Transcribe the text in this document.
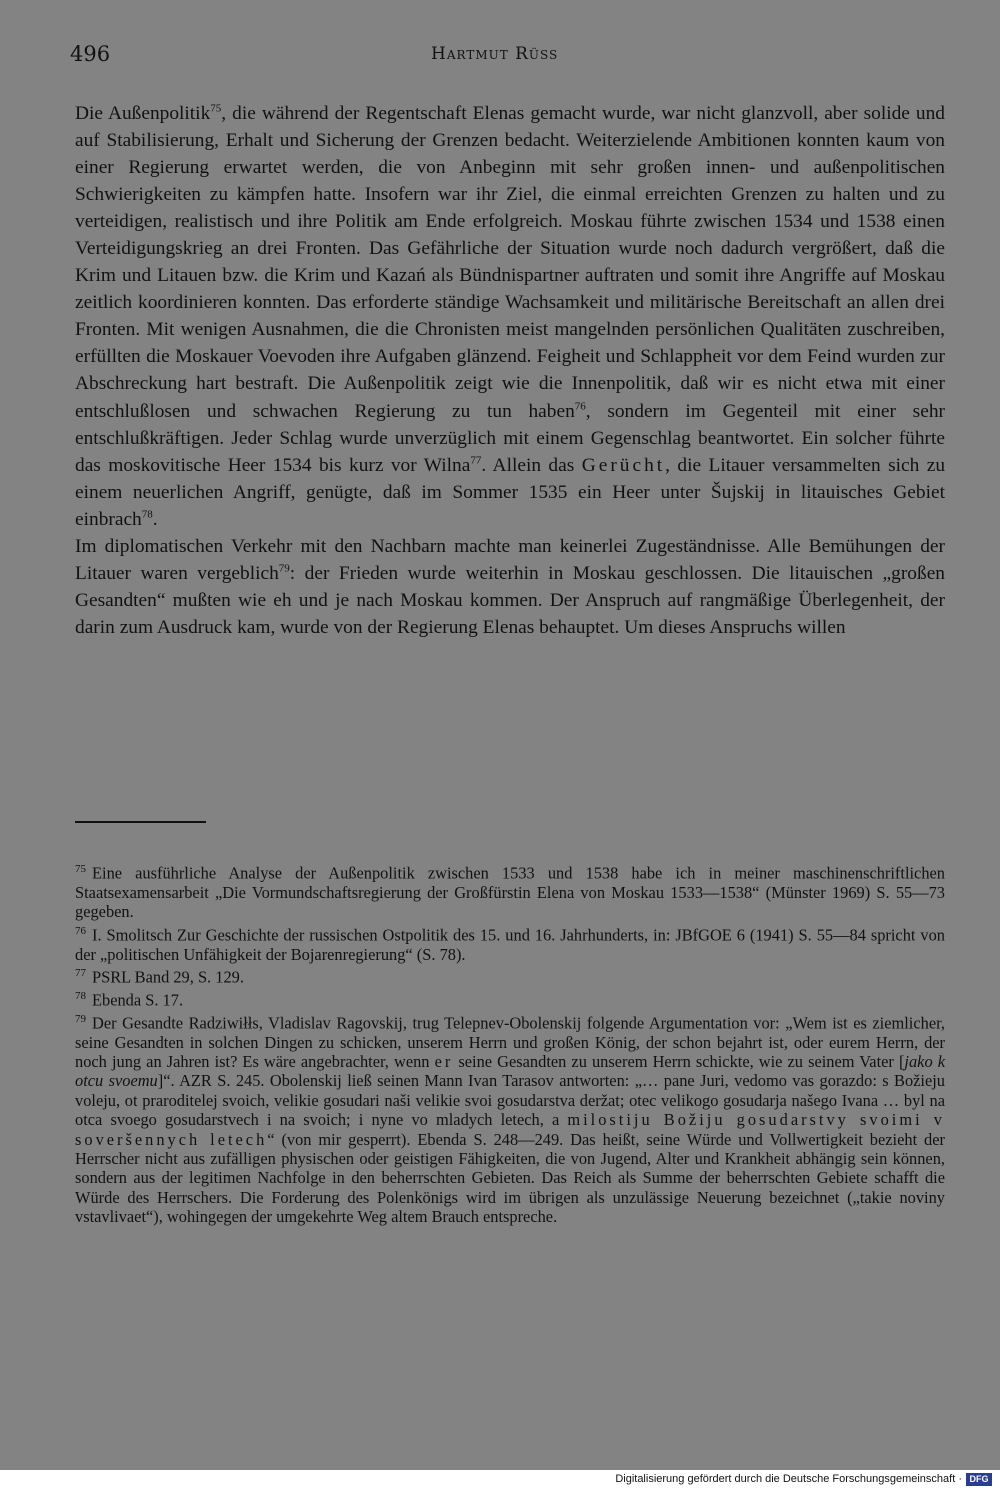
496	Hartmut Rüss

Die Außenpolitik$^{75}$, die während der Regentschaft Elenas gemacht wurde, war nicht glanzvoll, aber solide und auf Stabilisierung, Erhalt und Sicherung der Grenzen bedacht. Weiterzielende Ambitionen konnten kaum von einer Regierung erwartet werden, die von Anbeginn mit sehr großen innen- und außenpolitischen Schwierigkeiten zu kämpfen hatte. Insofern war ihr Ziel, die einmal erreichten Grenzen zu halten und zu verteidigen, realistisch und ihre Politik am Ende erfolgreich. Moskau führte zwischen 1534 und 1538 einen Verteidigungskrieg an drei Fronten. Das Gefährliche der Situation wurde noch dadurch vergrößert, daß die Krim und Litauen bzw. die Krim und Kazań als Bündnispartner auftraten und somit ihre Angriffe auf Moskau zeitlich koordinieren konnten. Das erforderte ständige Wachsamkeit und militärische Bereitschaft an allen drei Fronten. Mit wenigen Ausnahmen, die die Chronisten meist mangelnden persönlichen Qualitäten zuschreiben, erfüllten die Moskauer Voevoden ihre Aufgaben glänzend. Feigheit und Schlappheit vor dem Feind wurden zur Abschreckung hart bestraft. Die Außenpolitik zeigt wie die Innenpolitik, daß wir es nicht etwa mit einer entschlußlosen und schwachen Regierung zu tun haben$^{76}$, sondern im Gegenteil mit einer sehr entschlußkräftigen. Jeder Schlag wurde unverzüglich mit einem Gegenschlag beantwortet. Ein solcher führte das moskovitische Heer 1534 bis kurz vor Wilna$^{77}$. Allein das Gerücht, die Litauer versammelten sich zu einem neuerlichen Angriff, genügte, daß im Sommer 1535 ein Heer unter Šujskij in litauisches Gebiet einbrach$^{78}$.

Im diplomatischen Verkehr mit den Nachbarn machte man keinerlei Zugeständnisse. Alle Bemühungen der Litauer waren vergeblich$^{79}$: der Frieden wurde weiterhin in Moskau geschlossen. Die litauischen „großen Gesandten“ mußten wie eh und je nach Moskau kommen. Der Anspruch auf rangmäßige Überlegenheit, der darin zum Ausdruck kam, wurde von der Regierung Elenas behauptet. Um dieses Anspruchs willen

$^{75}$ Eine ausführliche Analyse der Außenpolitik zwischen 1533 und 1538 habe ich in meiner maschinenschriftlichen Staatsexamensarbeit „Die Vormundschaftsregierung der Großfürstin Elena von Moskau 1533—1538“ (Münster 1969) S. 55—73 gegeben.

$^{76}$ I. Smolitsch Zur Geschichte der russischen Ostpolitik des 15. und 16. Jahrhunderts, in: JBfGOE 6 (1941) S. 55—84 spricht von der „politischen Unfähigkeit der Bojarenregierung“ (S. 78).

$^{77}$ PSRL Band 29, S. 129.

$^{78}$ Ebenda S. 17.

$^{79}$ Der Gesandte Radziwiłłs, Vladislav Ragovskij, trug Telepnev-Obolenskij folgende Argumentation vor: „Wem ist es ziemlicher, seine Gesandten in solchen Dingen zu schicken, unserem Herrn und großen König, der schon bejahrt ist, oder eurem Herrn, der noch jung an Jahren ist? Es wäre angebrachter, wenn er seine Gesandten zu unserem Herrn schickte, wie zu seinem Vater [jako k otcu svoemu]“. AZR S. 245. Obolenskij ließ seinen Mann Ivan Tarasov antworten: „… pane Juri, vedomo vas gorazdo: s Božieju voleju, ot praroditelej svoich, velikie gosudari naši velikie svoi gosudarstva deržat; otec velikogo gosudarja našego Ivana … byl na otca svoego gosudarstvech i na svoich; i nyne vo mladych letech, a milostiju Božiju gosudarstvy svoimi v soveršennych letech“ (von mir gesperrt). Ebenda S. 248—249. Das heißt, seine Würde und Vollwertigkeit bezieht der Herrscher nicht aus zufälligen physischen oder geistigen Fähigkeiten, die von Jugend, Alter und Krankheit abhängig sein können, sondern aus der legitimen Nachfolge in den beherrschten Gebieten. Das Reich als Summe der beherrschten Gebiete schafft die Würde des Herrschers. Die Forderung des Polenkönigs wird im übrigen als unzulässige Neuerung bezeichnet („takie noviny vstavlivaet“), wohingegen der umgekehrte Weg altem Brauch entspreche.

Digitalisierung gefördert durch die Deutsche Forschungsgemeinschaft · DFG
